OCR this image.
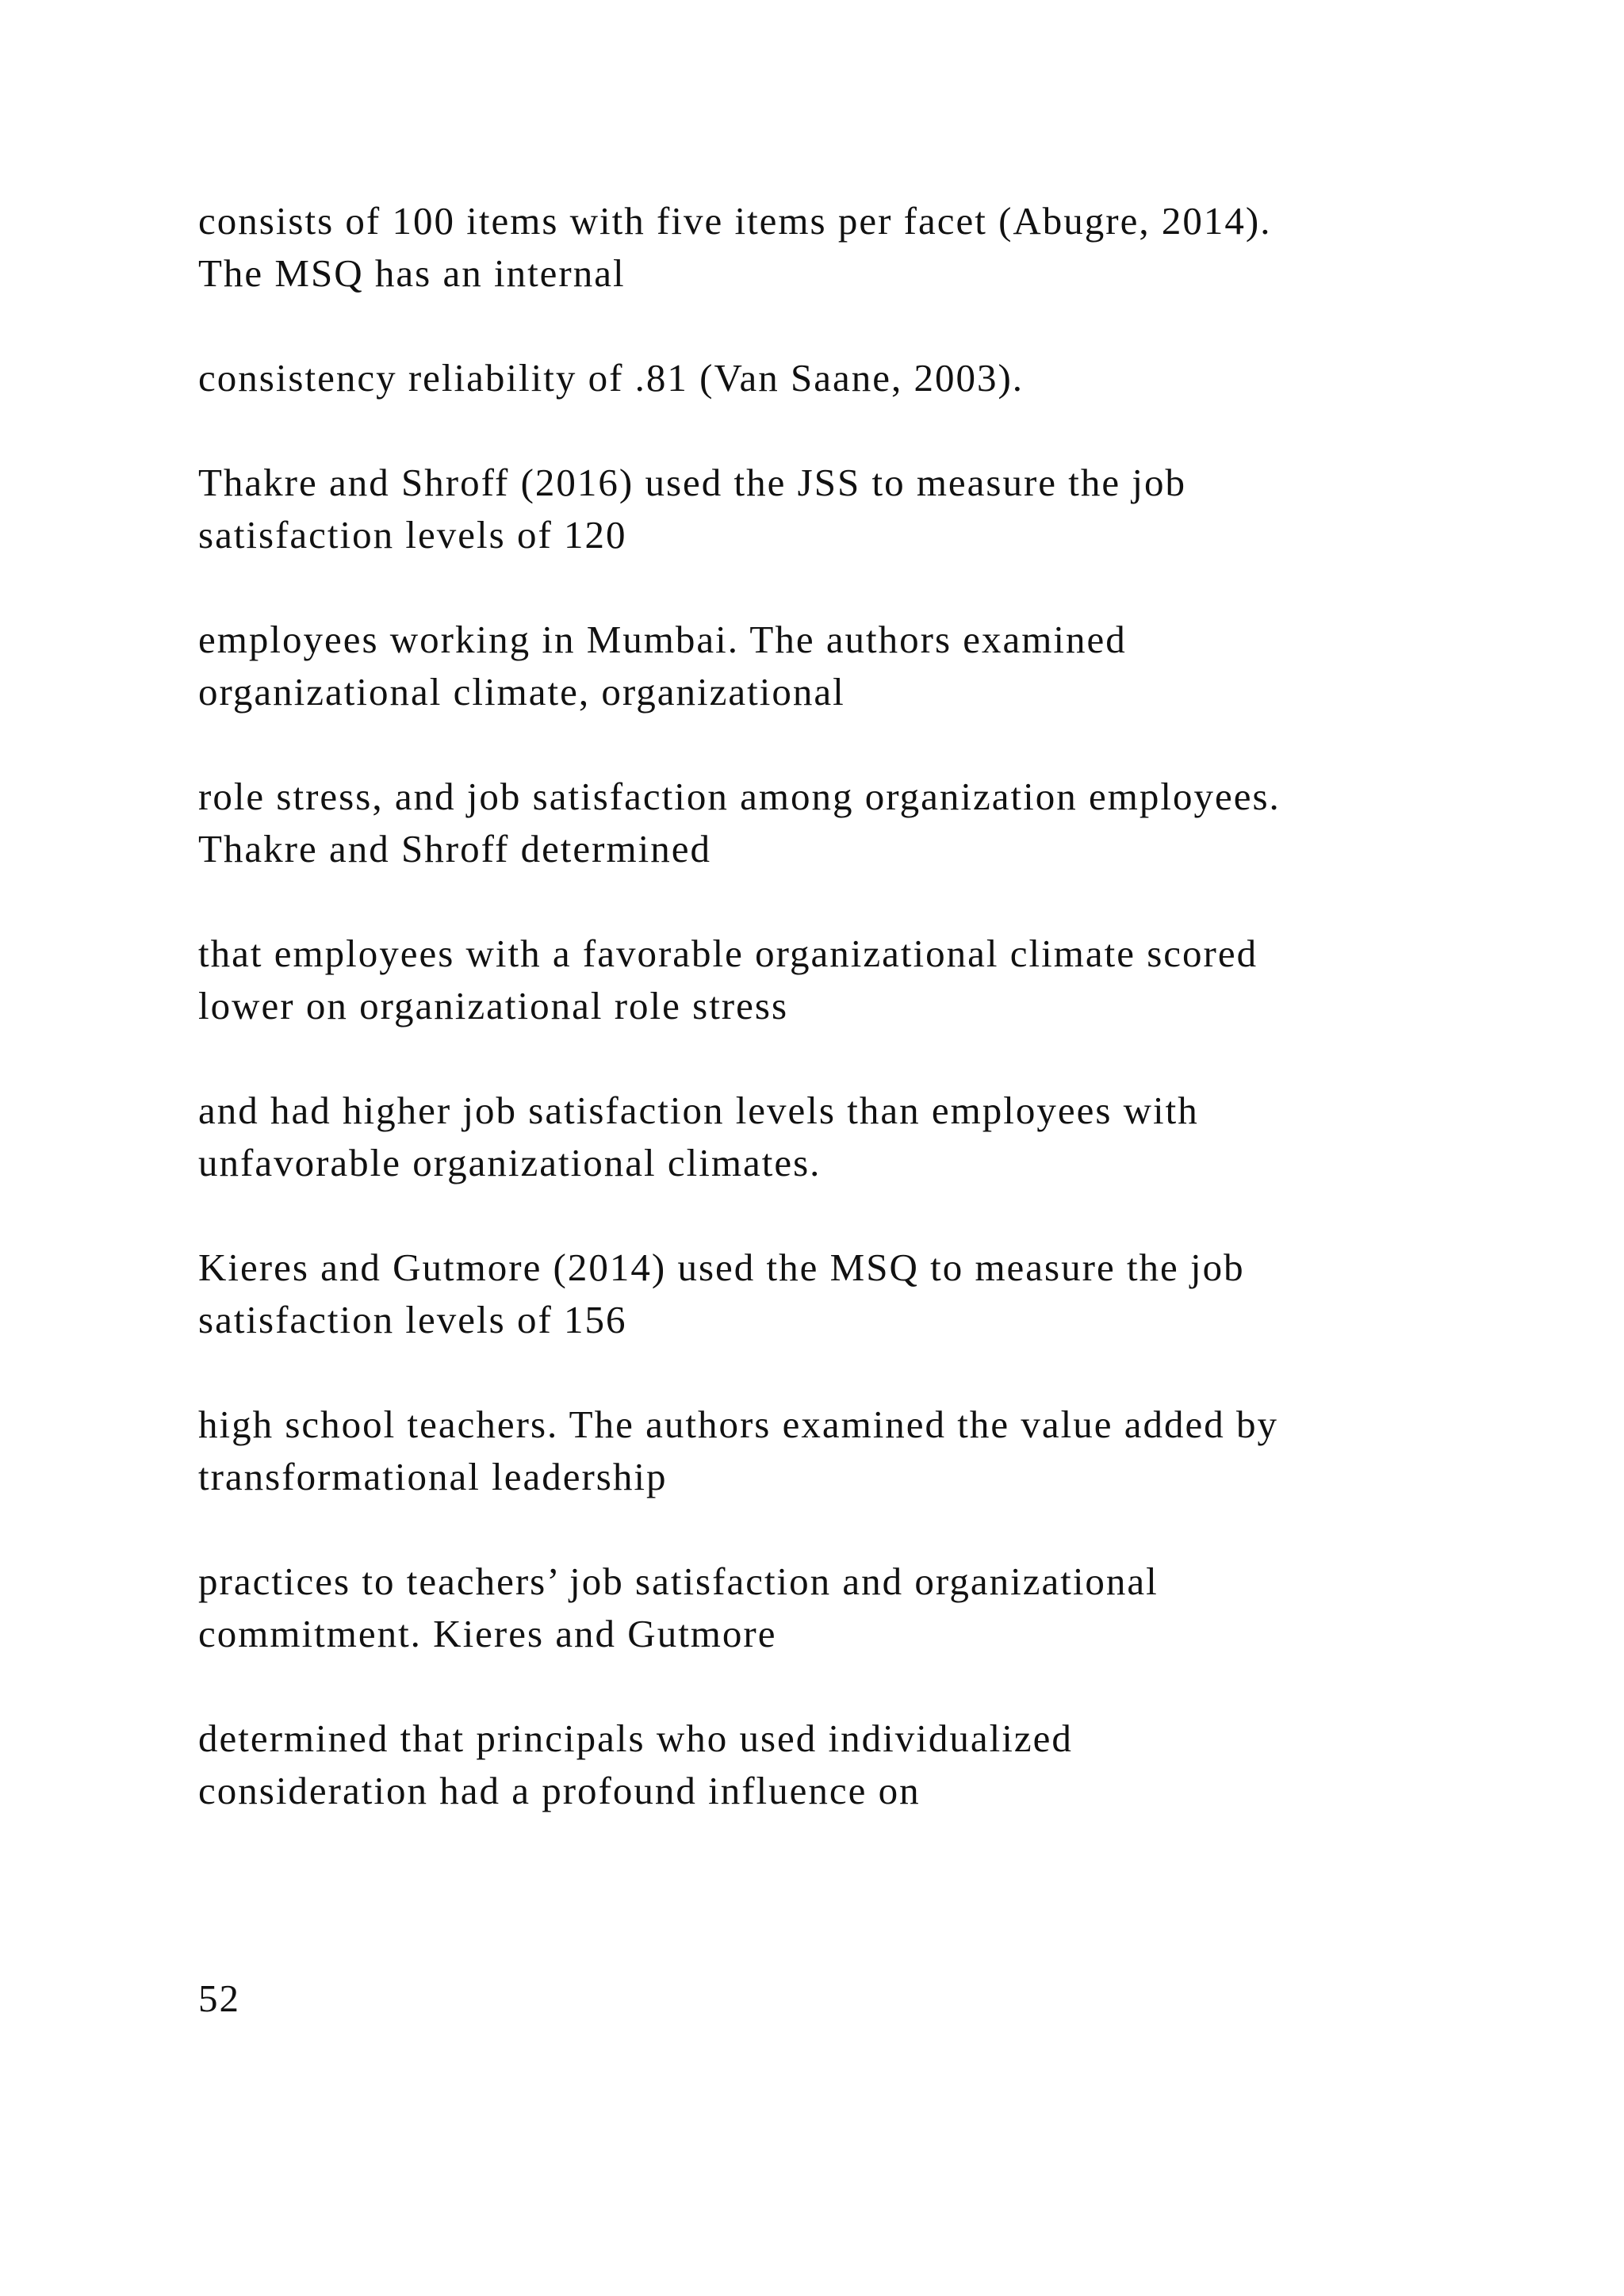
consists of 100 items with five items per facet (Abugre, 2014).
The MSQ has an internal

consistency reliability of .81 (Van Saane, 2003).

Thakre and Shroff (2016) used the JSS to measure the job
satisfaction levels of 120

employees working in Mumbai. The authors examined
organizational climate, organizational

role stress, and job satisfaction among organization employees.
Thakre and Shroff determined

that employees with a favorable organizational climate scored
lower on organizational role stress

and had higher job satisfaction levels than employees with
unfavorable organizational climates.

Kieres and Gutmore (2014) used the MSQ to measure the job
satisfaction levels of 156

high school teachers. The authors examined the value added by
transformational leadership

practices to teachers’ job satisfaction and organizational
commitment. Kieres and Gutmore

determined that principals who used individualized
consideration had a profound influence on

52
